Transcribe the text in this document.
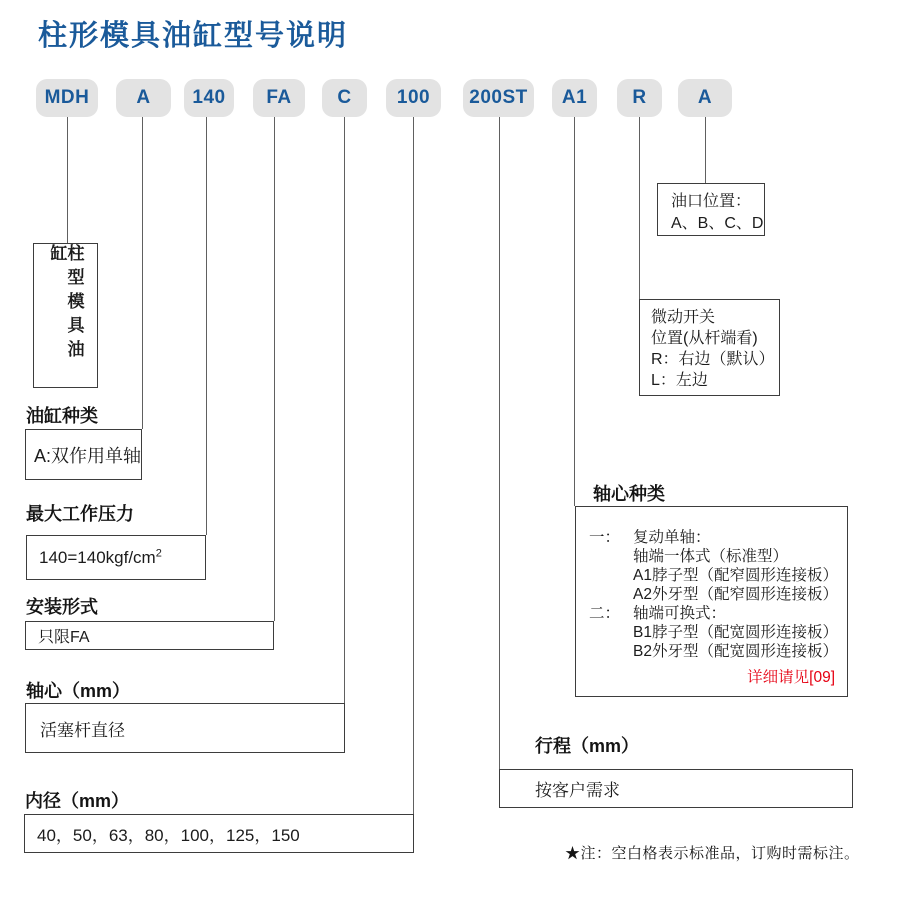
柱形模具油缸型号说明
MDH A 140 FA C 100 200ST A1 R	A
柱型模具油缸
油缸种类
A:双作用单轴
最大工作压力
$140=140kgf/cm^2$
安装形式
只限FA
轴心（mm）
活塞杆直径
内径（mm）
40，50，63，80，100，125，150
行程（mm）
按客户需求
轴心种类
一： 复动单轴：
轴端一体式（标准型）
A1脖子型（配窄圆形连接板）
A2外牙型（配窄圆形连接板）
二： 轴端可换式：
B1脖子型（配宽圆形连接板）
B2外牙型（配宽圆形连接板）
详细请见[09]
微动开关
位置(从杆端看)
R：右边（默认）
L：左边
油口位置：
A、B、C、D
★注：空白格表示标准品，订购时需标注。
